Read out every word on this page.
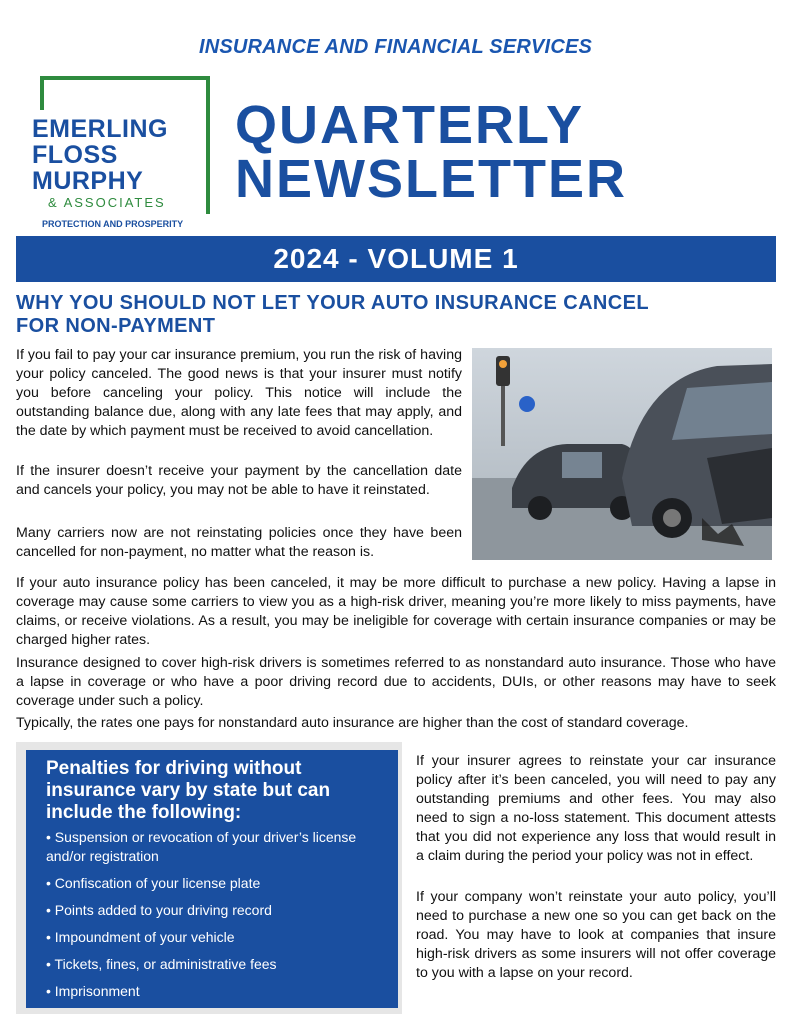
INSURANCE AND FINANCIAL SERVICES
EMERLING
FLOSS
MURPHY
& ASSOCIATES
PROTECTION AND PROSPERITY
QUARTERLY
NEWSLETTER
2024 - VOLUME 1
WHY YOU SHOULD NOT LET YOUR AUTO INSURANCE CANCEL FOR NON-PAYMENT

If you fail to pay your car insurance premium, you run the risk of having your policy canceled. The good news is that your insurer must notify you before canceling your policy. This notice will include the outstanding balance due, along with any late fees that may apply, and the date by which payment must be received to avoid cancellation.

If the insurer doesn’t receive your payment by the cancellation date and cancels your policy, you may not be able to have it reinstated.

Many carriers now are not reinstating policies once they have been cancelled for non-payment, no matter what the reason is.

If your auto insurance policy has been canceled, it may be more difficult to purchase a new policy. Having a lapse in coverage may cause some carriers to view you as a high-risk driver, meaning you’re more likely to miss payments, have claims, or receive violations. As a result, you may be ineligible for coverage with certain insurance companies or may be charged higher rates.

Insurance designed to cover high-risk drivers is sometimes referred to as nonstandard auto insurance. Those who have a lapse in coverage or who have a poor driving record due to accidents, DUIs, or other reasons may have to seek coverage under such a policy.

Typically, the rates one pays for nonstandard auto insurance are higher than the cost of standard coverage.

Penalties for driving without insurance vary by state but can include the following:
• Suspension or revocation of your driver’s license and/or registration
• Confiscation of your license plate
• Points added to your driving record
• Impoundment of your vehicle
• Tickets, fines, or administrative fees
• Imprisonment

If your insurer agrees to reinstate your car insurance policy after it’s been canceled, you will need to pay any outstanding premiums and other fees. You may also need to sign a no-loss statement. This document attests that you did not experience any loss that would result in a claim during the period your policy was not in effect.

If your company won’t reinstate your auto policy, you’ll need to purchase a new one so you can get back on the road. You may have to look at companies that insure high-risk drivers as some insurers will not offer coverage to you with a lapse on your record.
